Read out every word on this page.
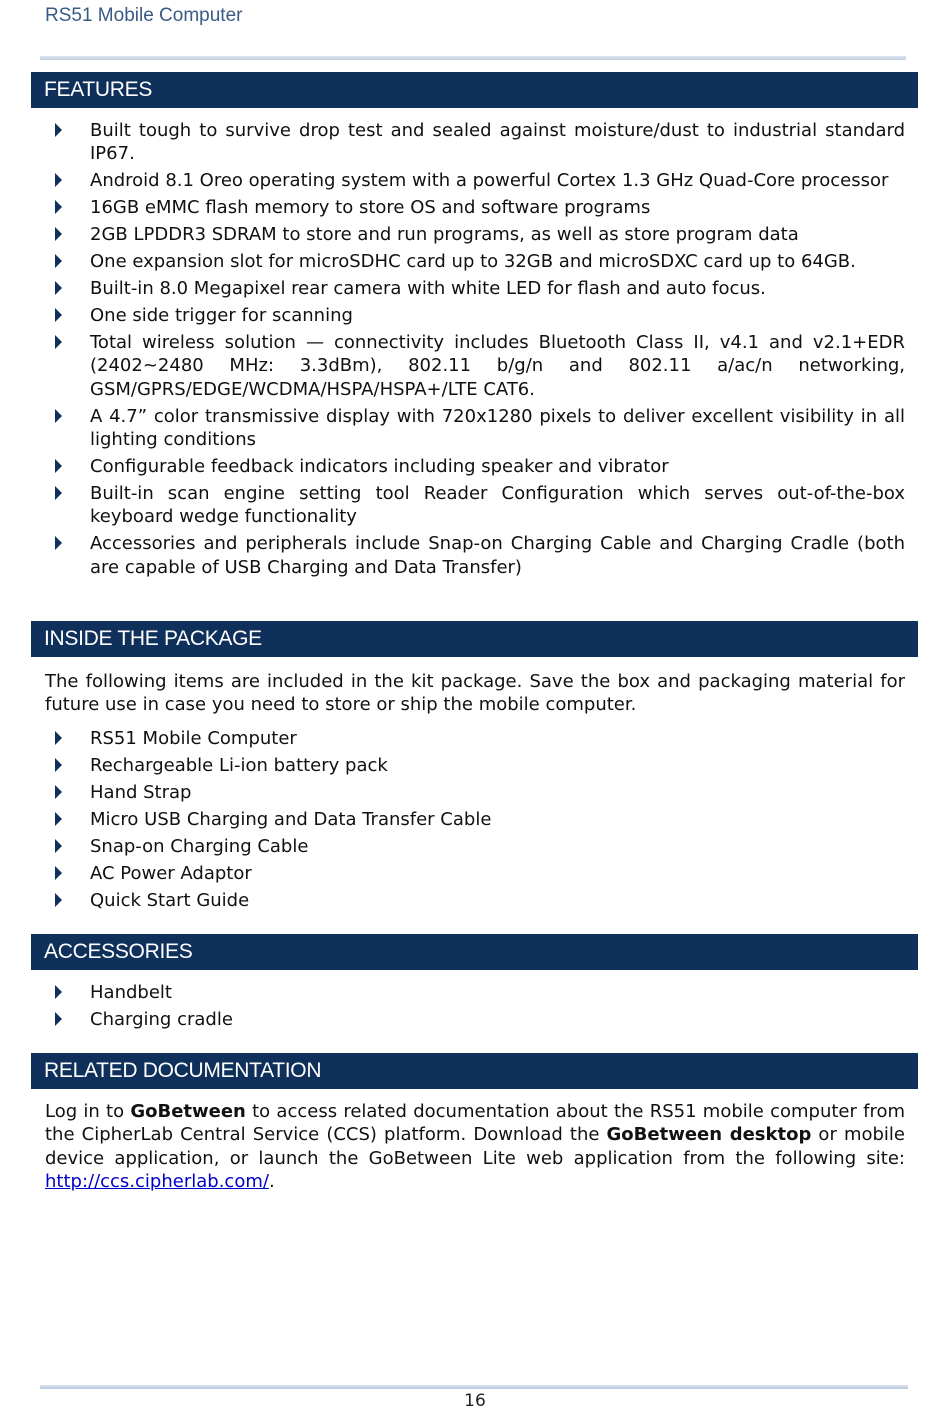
RS51 Mobile Computer
FEATURES
Built tough to survive drop test and sealed against moisture/dust to industrial standard IP67.
Android 8.1 Oreo operating system with a powerful Cortex 1.3 GHz Quad-Core processor
16GB eMMC flash memory to store OS and software programs
2GB LPDDR3 SDRAM to store and run programs, as well as store program data
One expansion slot for microSDHC card up to 32GB and microSDXC card up to 64GB.
Built-in 8.0 Megapixel rear camera with white LED for flash and auto focus.
One side trigger for scanning
Total wireless solution — connectivity includes Bluetooth Class II, v4.1 and v2.1+EDR (2402~2480 MHz: 3.3dBm), 802.11 b/g/n and 802.11 a/ac/n networking, GSM/GPRS/EDGE/WCDMA/HSPA/HSPA+/LTE CAT6.
A 4.7” color transmissive display with 720x1280 pixels to deliver excellent visibility in all lighting conditions
Configurable feedback indicators including speaker and vibrator
Built-in scan engine setting tool Reader Configuration which serves out-of-the-box keyboard wedge functionality
Accessories and peripherals include Snap-on Charging Cable and Charging Cradle (both are capable of USB Charging and Data Transfer)
INSIDE THE PACKAGE

The following items are included in the kit package. Save the box and packaging material for future use in case you need to store or ship the mobile computer.

RS51 Mobile Computer
Rechargeable Li-ion battery pack
Hand Strap
Micro USB Charging and Data Transfer Cable
Snap-on Charging Cable
AC Power Adaptor
Quick Start Guide
ACCESSORIES
Handbelt
Charging cradle
RELATED DOCUMENTATION

Log in to GoBetween to access related documentation about the RS51 mobile computer from the CipherLab Central Service (CCS) platform. Download the GoBetween desktop or mobile device application, or launch the GoBetween Lite web application from the following site: http://ccs.cipherlab.com/.

16
